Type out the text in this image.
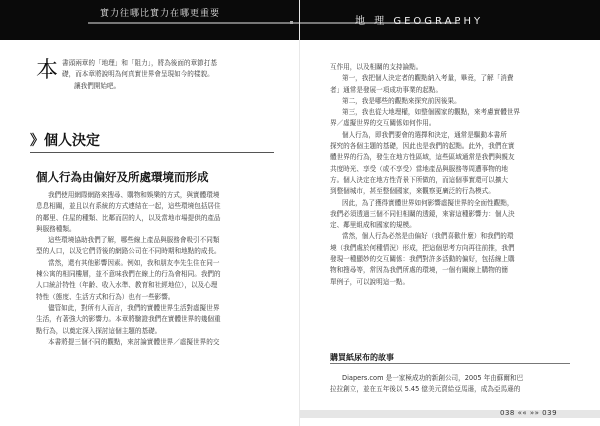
實力往哪比實力在哪更重要
本 書頭兩章的「地理」和「阻力」，將為後面的章節打基

礎，而本章將說明為何真實世界會呈現如今的樣貌。

讓我們開始吧。

》個人決定
個人行為由偏好及所處環境而形成

我們使用網際網路來搜尋、購物和娛樂的方式，與實體環境

息息相關，並且以有系統的方式連結在一起，這些環境包括居住

的鄰里、住屋的種類、比鄰而居的人，以及當地市場提供的產品

與服務種類。

這些環境協助我們了解，哪些線上產品與服務會吸引不同類

型的人口，以及它們背後的網路公司在不同時期和地點的成長。

當然，還有其他影響因素。例如，我和朋友李先生住在同一

棟公寓的相同樓層，並不意味我們在線上的行為會相同。我們的

人口統計特性（年齡、收入水準、教育和社經地位），以及心理

特性（態度、生活方式和行為）也有一些影響。

儘管如此，對所有人而言，我們的實體世界生活對虛擬世界

生活，有著強大的影響力。本章將驗證我們在實體世界的幾個重

點行為，以奠定深入探討這個主題的基礎。

本書將提三個不同的觀點，來討論實體世界／虛擬世界的交

地 理 GEOGRAPHY

互作用，以及相關的支持論點。

第一，我把個人決定者的觀點納入考量，畢竟，了解「消費

者」通常是發展一項成功事業的起點。

第二，我是哪些的觀點來探究前因後果。

第三，我也從大地理權，如整個國家的觀點，來考慮實體世界

界／虛擬世界的交互關係如何作用。

個人行為，即我們要會的選擇和決定，通常是驅動本書所

探究的各個主題的基礎，因此也是我們的起點。此外，我們在實

體世界的行為，發生在地方性區域，這些區域通常是我們與親友

共度時光、享受（或不享受）當地產品與服務等周遭事物的地

方。個人決定在地方性背景下所做的，而這個事實還可以擴大

到整個城市，甚至整個國家，來觀察更廣泛的行為模式。

因此，為了獲得實體世界如何影響虛擬世界的全面性觀點，

我們必須透過三個不同但相關的透鏡，來審這種影響力：個人決

定、鄰里組成和國家的規模。

當然，個人行為必然是由偏好（我們喜歡什麼）和我們的環

境（我們處於何種情況）形成，把這個思考方向再往前推，我們

發現一種顯妙的交互關係：我們對許多活動的偏好，包括線上購

物和搜尋等，常因為我們所處的環境，一個有關線上購物的簡

單例子，可以說明這一點。

購買紙尿布的故事

Diapers.com 是一家極成功的新創公司，2005 年由蘇爾和巴

拉拉創立，並在五年後以 5.45 億美元賣給亞馬遜，成為亞馬遜的

038 «« »» 039
